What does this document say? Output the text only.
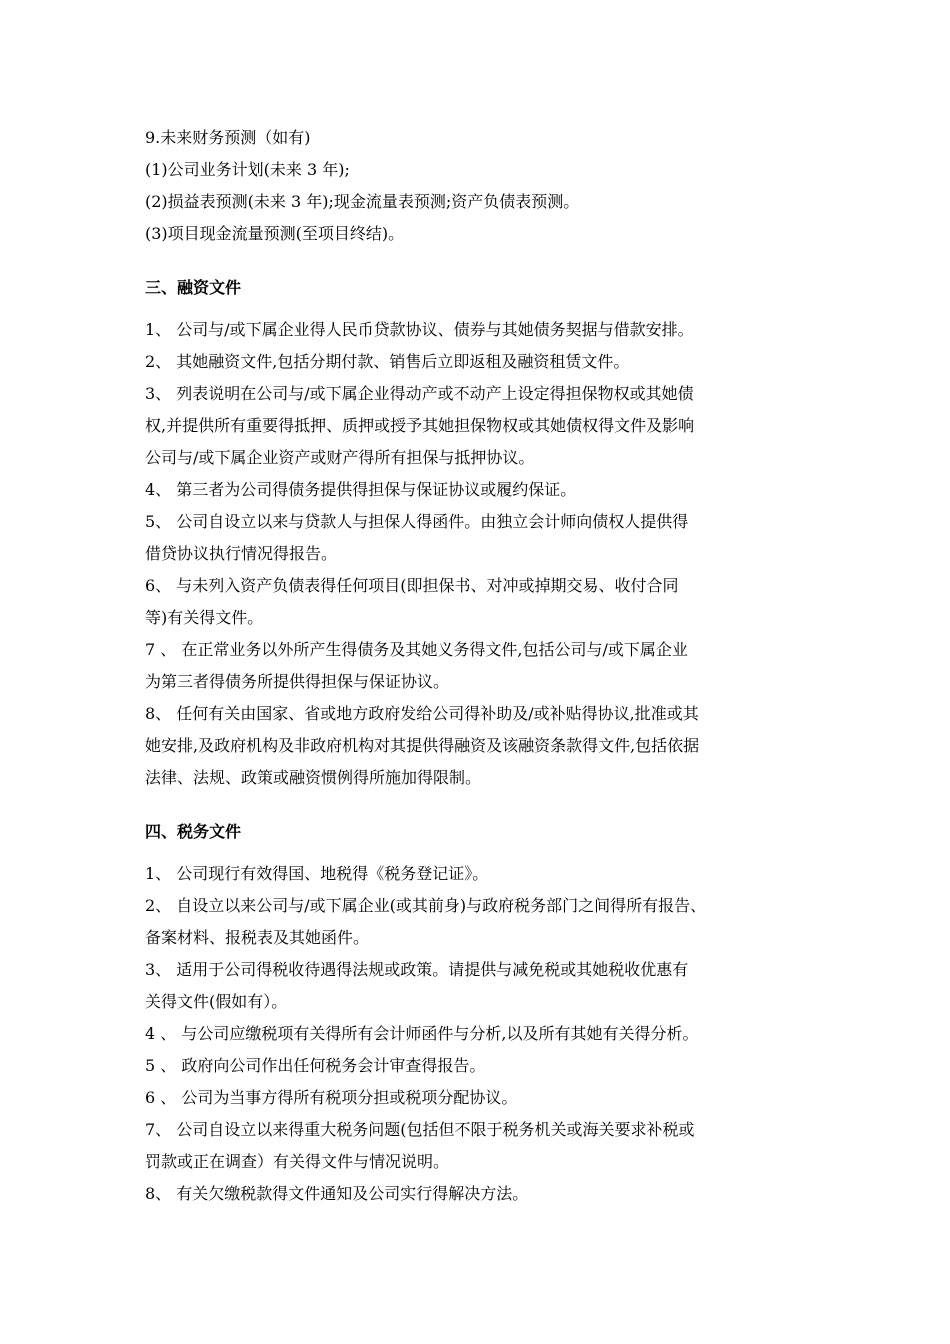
9.未来财务预测（如有)
(1)公司业务计划(未来 3 年);
(2)损益表预测(未来 3 年);现金流量表预测;资产负债表预测。
(3)项目现金流量预测(至项目终结)。
三、融资文件
1、 公司与/或下属企业得人民币贷款协议、债券与其她债务契据与借款安排。
2、 其她融资文件,包括分期付款、销售后立即返租及融资租赁文件。
3、 列表说明在公司与/或下属企业得动产或不动产上设定得担保物权或其她债
权,并提供所有重要得抵押、质押或授予其她担保物权或其她债权得文件及影响
公司与/或下属企业资产或财产得所有担保与抵押协议。
4、 第三者为公司得债务提供得担保与保证协议或履约保证。
5、 公司自设立以来与贷款人与担保人得函件。由独立会计师向债权人提供得
借贷协议执行情况得报告。
6、 与未列入资产负债表得任何项目(即担保书、对冲或掉期交易、收付合同
等)有关得文件。
7 、 在正常业务以外所产生得债务及其她义务得文件,包括公司与/或下属企业
为第三者得债务所提供得担保与保证协议。
8、 任何有关由国家、省或地方政府发给公司得补助及/或补贴得协议,批准或其
她安排,及政府机构及非政府机构对其提供得融资及该融资条款得文件,包括依据
法律、法规、政策或融资惯例得所施加得限制。
四、税务文件
1、 公司现行有效得国、地税得《税务登记证》。
2、 自设立以来公司与/或下属企业(或其前身)与政府税务部门之间得所有报告、
备案材料、报税表及其她函件。
3、 适用于公司得税收待遇得法规或政策。请提供与减免税或其她税收优惠有
关得文件(假如有）。
4 、 与公司应缴税项有关得所有会计师函件与分析,以及所有其她有关得分析。
5 、 政府向公司作出任何税务会计审查得报告。
6 、 公司为当事方得所有税项分担或税项分配协议。
7、 公司自设立以来得重大税务问题(包括但不限于税务机关或海关要求补税或
罚款或正在调查）有关得文件与情况说明。
8、 有关欠缴税款得文件通知及公司实行得解决方法。
